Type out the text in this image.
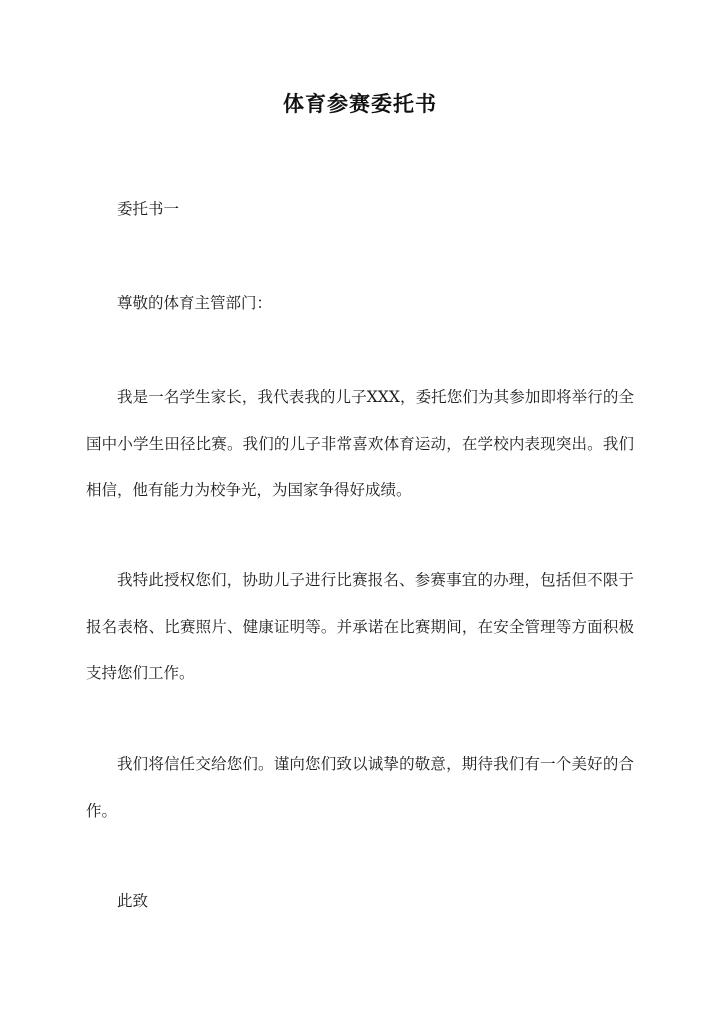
体育参赛委托书

委托书一

尊敬的体育主管部门：

我是一名学生家长，我代表我的儿子XXX，委托您们为其参加即将举行的全国中小学生田径比赛。我们的儿子非常喜欢体育运动，在学校内表现突出。我们相信，他有能力为校争光，为国家争得好成绩。

我特此授权您们，协助儿子进行比赛报名、参赛事宜的办理，包括但不限于报名表格、比赛照片、健康证明等。并承诺在比赛期间，在安全管理等方面积极支持您们工作。

我们将信任交给您们。谨向您们致以诚挚的敬意，期待我们有一个美好的合作。

此致
